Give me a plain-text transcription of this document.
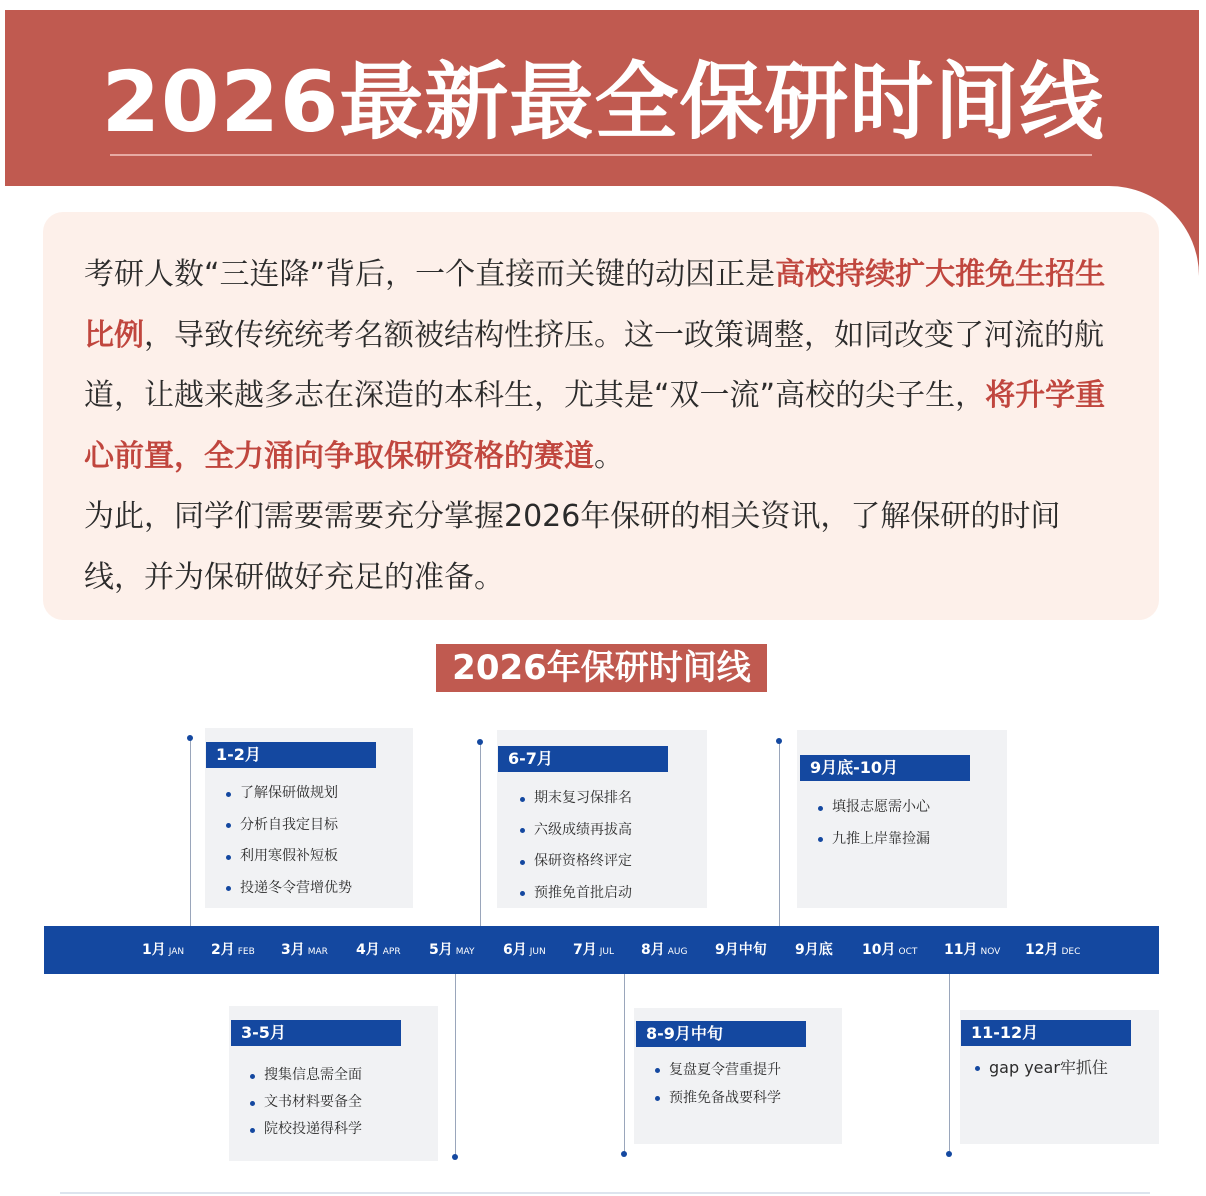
2026最新最全保研时间线

考研人数“三连降”背后，一个直接而关键的动因正是高校持续扩大推免生招生比例，导致传统统考名额被结构性挤压。这一政策调整，如同改变了河流的航道，让越来越多志在深造的本科生，尤其是“双一流”高校的尖子生，将升学重心前置，全力涌向争取保研资格的赛道。

为此，同学们需要需要充分掌握2026年保研的相关资讯，了解保研的时间线，并为保研做好充足的准备。

2026年保研时间线
1月 JAN 2月 FEB 3月 MAR 4月 APR 5月 MAY 6月 JUN 7月 JUL 8月 AUG 9月中旬 9月底 10月 OCT 11月 NOV 12月 DEC
1-2月
了解保研做规划
分析自我定目标
利用寒假补短板
投递冬令营增优势
6-7月
期末复习保排名
六级成绩再拔高
保研资格终评定
预推免首批启动
9月底-10月
填报志愿需小心
九推上岸靠捡漏
3-5月
搜集信息需全面
文书材料要备全
院校投递得科学
8-9月中旬
复盘夏令营重提升
预推免备战要科学
11-12月
gap year牢抓住
